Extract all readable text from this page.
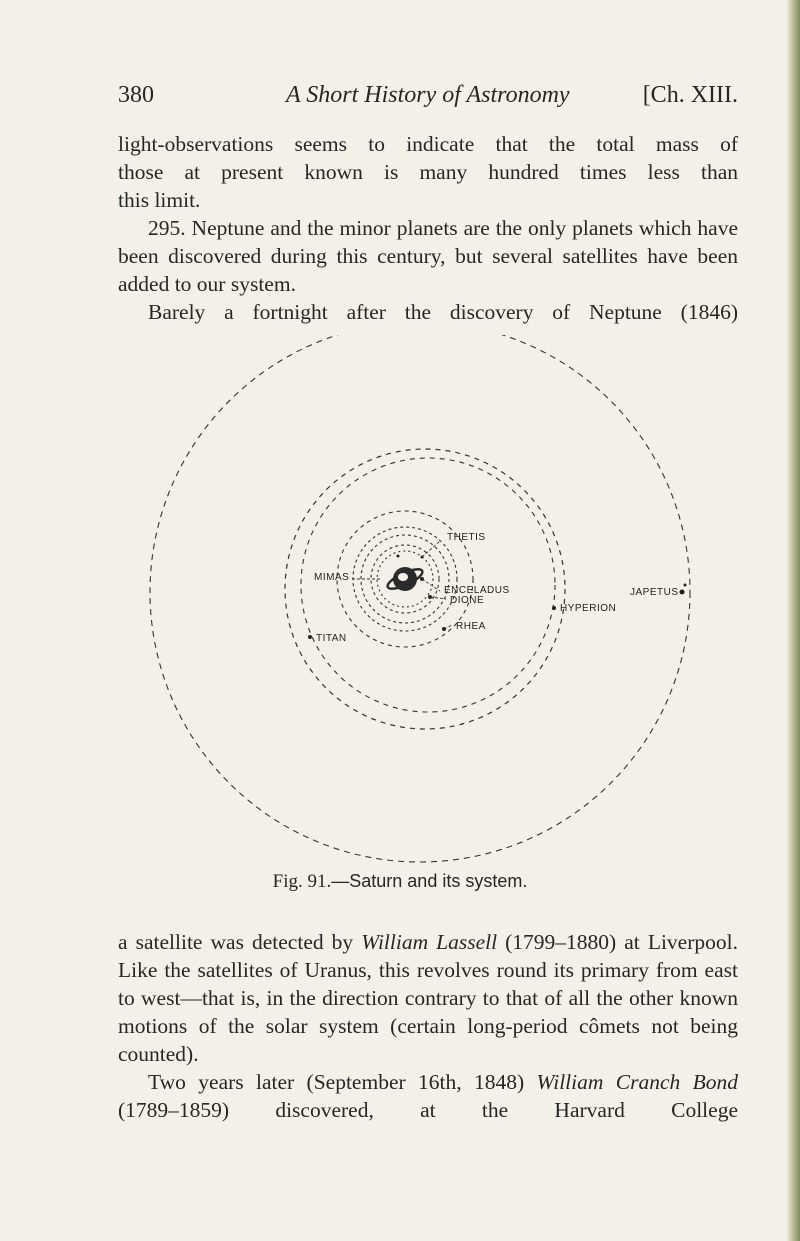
380	A Short History of Astronomy	[Ch. XIII.

light-observations seems to indicate that the total mass of

those at present known is many hundred times less than

this limit.

295. Neptune and the minor planets are the only planets which have been discovered during this century, but several satellites have been added to our system.

Barely a fortnight after the discovery of Neptune (1846)

THETIS
MIMAS
ENCELADUS
DIONE
TITAN
RHEA
HYPERION
JAPETUS
Fig. 91.—Saturn and its system.

a satellite was detected by William Lassell (1799–1880) at Liverpool. Like the satellites of Uranus, this revolves round its primary from east to west—that is, in the direction contrary to that of all the other known motions of the solar system (certain long-period cômets not being counted).

Two years later (September 16th, 1848) William Cranch Bond (1789–1859) discovered, at the Harvard College
